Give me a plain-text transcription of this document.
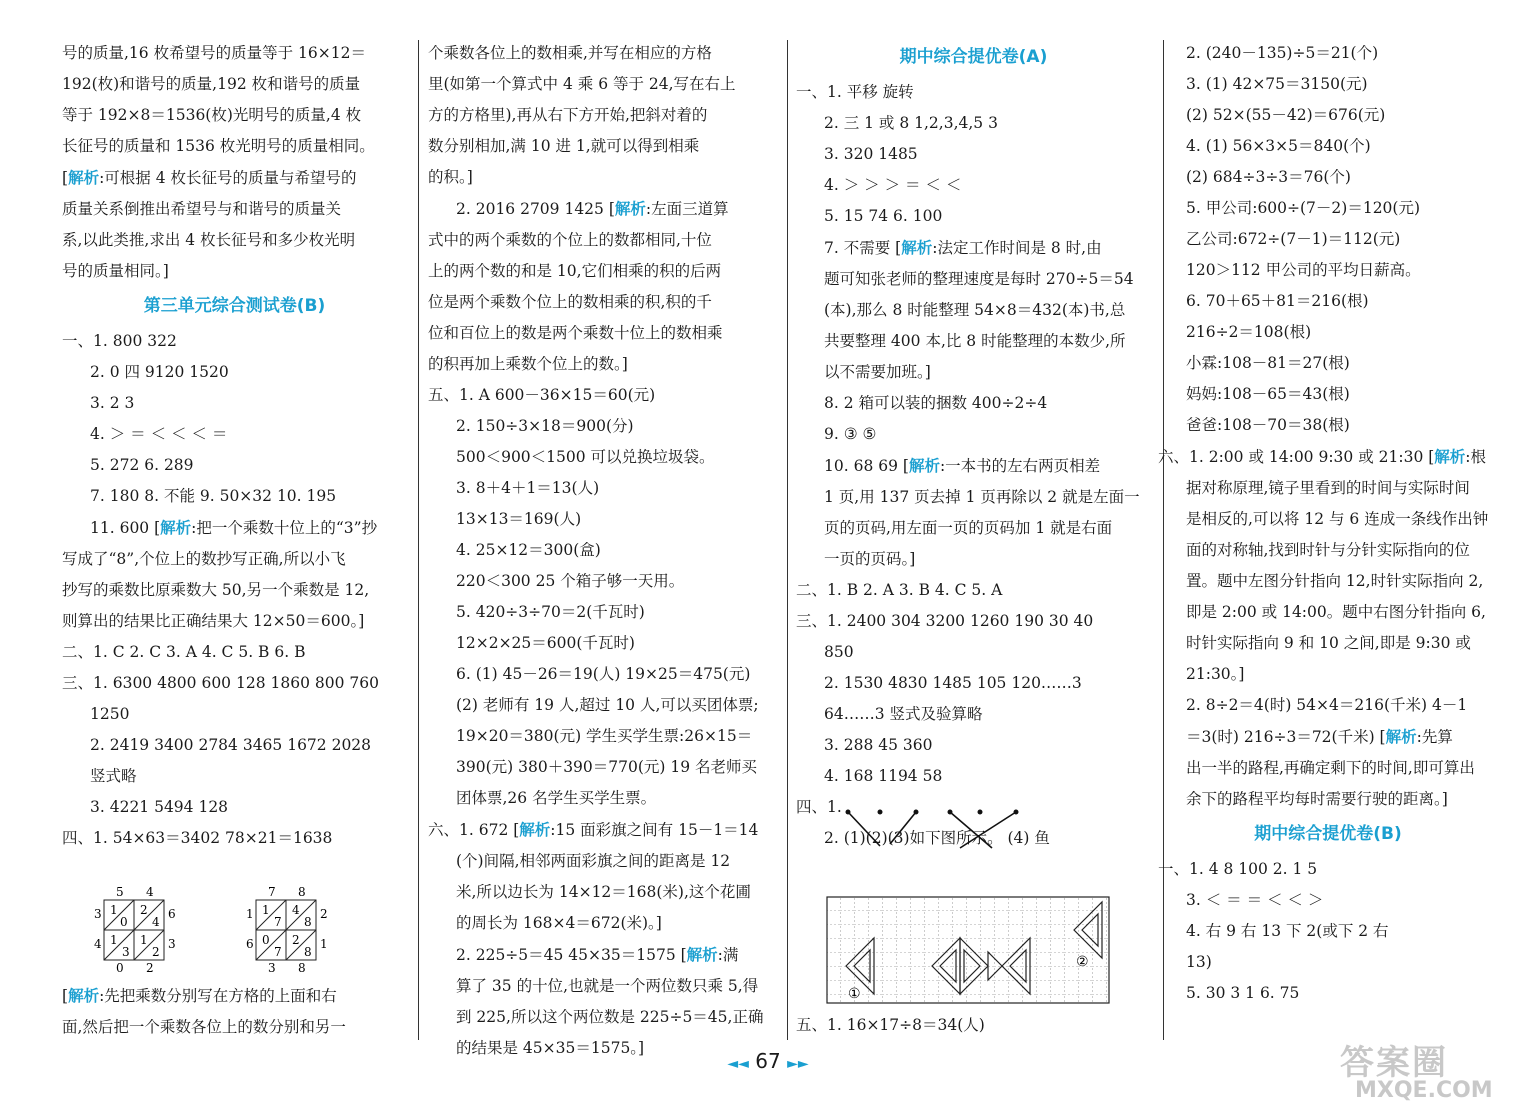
号的质量,16 枚希望号的质量等于 16×12＝

192(枚)和谐号的质量,192 枚和谐号的质量

等于 192×8＝1536(枚)光明号的质量,4 枚

长征号的质量和 1536 枚光明号的质量相同。

[解析:可根据 4 枚长征号的质量与希望号的

质量关系倒推出希望号与和谐号的质量关

系,以此类推,求出 4 枚长征号和多少枚光明

号的质量相同。]

第三单元综合测试卷(B)

一、1. 800 322

2. 0 四 9120 1520

3. 2 3

4. ＞ ＝ ＜ ＜ ＜ ＝

5. 272 6. 289

7. 180 8. 不能 9. 50×32 10. 195

11. 600 [解析:把一个乘数十位上的“3”抄

写成了“8”,个位上的数抄写正确,所以小飞

抄写的乘数比原乘数大 50,另一个乘数是 12,

则算出的结果比正确结果大 12×50＝600。]

二、1. C 2. C 3. A 4. C 5. B 6. B

三、1. 6300 4800 600 128 1860 800 760

1250

2. 2419 3400 2784 3465 1672 2028

竖式略

3. 4221 5494 128

四、1. 54×63＝3402 78×21＝1638

个乘数各位上的数相乘,并写在相应的方格

里(如第一个算式中 4 乘 6 等于 24,写在右上

方的方格里),再从右下方开始,把斜对着的

数分别相加,满 10 进 1,就可以得到相乘

的积。]

2. 2016 2709 1425 [解析:左面三道算

式中的两个乘数的个位上的数都相同,十位

上的两个数的和是 10,它们相乘的积的后两

位是两个乘数个位上的数相乘的积,积的千

位和百位上的数是两个乘数十位上的数相乘

的积再加上乘数个位上的数。]

五、1. A 600－36×15＝60(元)

2. 150÷3×18＝900(分)

500＜900＜1500 可以兑换垃圾袋。

3. 8＋4＋1＝13(人)

13×13＝169(人)

4. 25×12＝300(盒)

220＜300 25 个箱子够一天用。

5. 420÷3÷70＝2(千瓦时)

12×2×25＝600(千瓦时)

6. (1) 45－26＝19(人) 19×25＝475(元)

(2) 老师有 19 人,超过 10 人,可以买团体票;

19×20＝380(元) 学生买学生票:26×15＝

390(元) 380＋390＝770(元) 19 名老师买

团体票,26 名学生买学生票。

六、1. 672 [解析:15 面彩旗之间有 15－1＝14

(个)间隔,相邻两面彩旗之间的距离是 12

米,所以边长为 14×12＝168(米),这个花圃

的周长为 168×4＝672(米)。]

2. 225÷5＝45 45×35＝1575 [解析:满

算了 35 的十位,也就是一个两位数只乘 5,得

到 225,所以这个两位数是 225÷5＝45,正确

的结果是 45×35＝1575。]

期中综合提优卷(A)

一、1. 平移 旋转

2. 三 1 或 8 1,2,3,4,5 3

3. 320 1485

4. ＞ ＞ ＞ ＝ ＜ ＜

5. 15 74 6. 100

7. 不需要 [解析:法定工作时间是 8 时,由

题可知张老师的整理速度是每时 270÷5＝54

(本),那么 8 时能整理 54×8＝432(本)书,总

共要整理 400 本,比 8 时能整理的本数少,所

以不需要加班。]

8. 2 箱可以装的捆数 400÷2÷4

9. ③ ⑤

10. 68 69 [解析:一本书的左右两页相差

1 页,用 137 页去掉 1 页再除以 2 就是左面一

页的页码,用左面一页的页码加 1 就是右面

一页的页码。]

二、1. B 2. A 3. B 4. C 5. A

三、1. 2400 304 3200 1260 190 30 40

850

2. 1530 4830 1485 105 120……3

64……3 竖式及验算略

3. 288 45 360

4. 168 1194 58

四、1.

2. (1)(2)(3)如下图所示。 (4) 鱼

2. (240－135)÷5＝21(个)

3. (1) 42×75＝3150(元)

(2) 52×(55－42)＝676(元)

4. (1) 56×3×5＝840(个)

(2) 684÷3÷3＝76(个)

5. 甲公司:600÷(7－2)＝120(元)

乙公司:672÷(7－1)＝112(元)

120＞112 甲公司的平均日薪高。

6. 70＋65＋81＝216(根)

216÷2＝108(根)

小霖:108－81＝27(根)

妈妈:108－65＝43(根)

爸爸:108－70＝38(根)

六、1. 2:00 或 14:00 9:30 或 21:30 [解析:根

据对称原理,镜子里看到的时间与实际时间

是相反的,可以将 12 与 6 连成一条线作出钟

面的对称轴,找到时针与分针实际指向的位

置。题中左图分针指向 12,时针实际指向 2,

即是 2:00 或 14:00。题中右图分针指向 6,

时针实际指向 9 和 10 之间,即是 9:30 或

21:30。]

2. 8÷2＝4(时) 54×4＝216(千米) 4－1

＝3(时) 216÷3＝72(千米) [解析:先算

出一半的路程,再确定剩下的时间,即可算出

余下的路程平均每时需要行驶的距离。]

期中综合提优卷(B)

一、1. 4 8 100 2. 1 5

3. ＜ ＝ ＝ ＜ ＜ ＞

4. 右 9 右 13 下 2(或下 2 右

13)

5. 30 3 1 6. 75

5 4
3
4
6
3
0 2
1
0
2
4
1
3
1
2
7 8
1
6
2
1
3 8
1
7
4
8
0
7
2
8

[解析:先把乘数分别写在方格的上面和右

面,然后把一个乘数各位上的数分别和另一

①
②

五、1. 16×17÷8＝34(人)

◄◄ 67 ►►	答案圈
MXQE.COM
